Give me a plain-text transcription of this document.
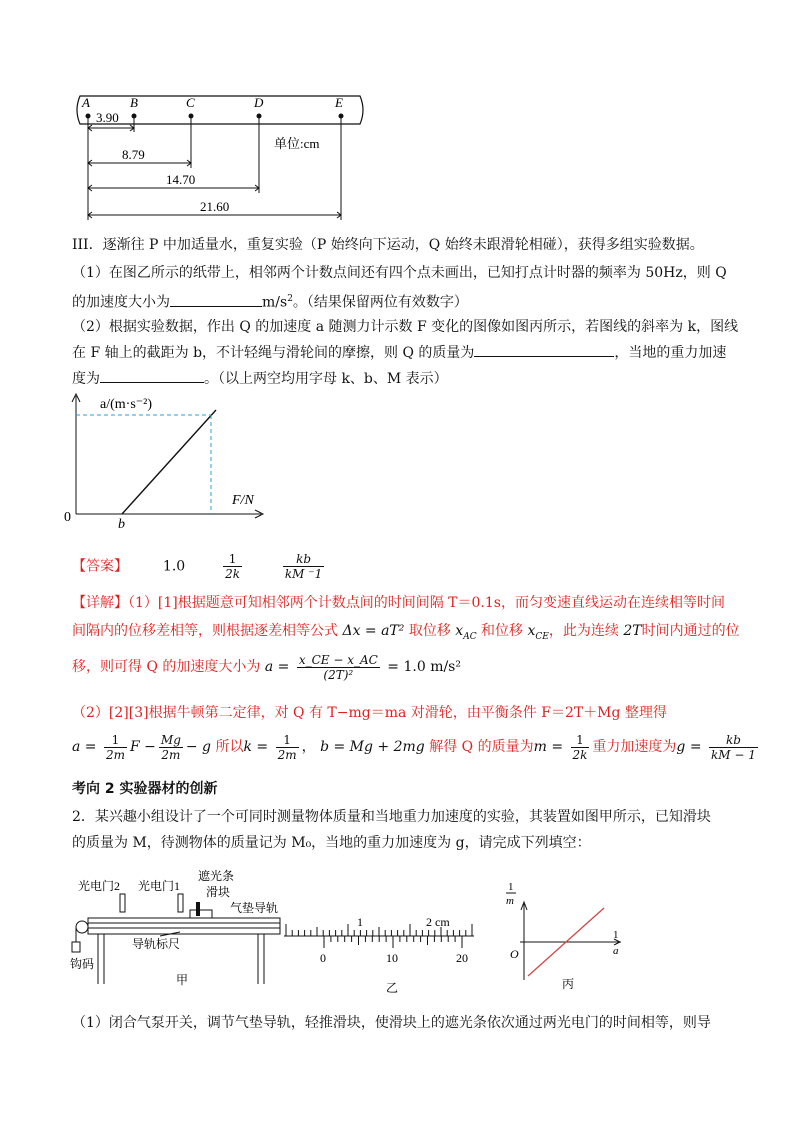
A	B	C	D	E
3.90
8.79
14.70
21.60
单位:cm
III．逐渐往 P 中加适量水，重复实验（P 始终向下运动，Q 始终未跟滑轮相碰），获得多组实验数据。
（1）在图乙所示的纸带上，相邻两个计数点间还有四个点未画出，已知打点计时器的频率为 50Hz，则 Q
的加速度大小为	$m/s^2$。（结果保留两位有效数字）
（2）根据实验数据，作出 Q 的加速度 a 随测力计示数 F 变化的图像如图丙所示，若图线的斜率为 k，图线
在 F 轴上的截距为 b，不计轻绳与滑轮间的摩擦，则 Q 的质量为	，当地的重力加速
度为	。（以上两空均用字母 k、b、M 表示）
a/(m·s⁻²)
F/N
0	b
【答案】 1.0	$\frac{1}{2k}$
	$\frac{kb}{kM ^-1}$
【详解】（1）[1]根据题意可知相邻两个计数点间的时间间隔 T＝0.1s，而匀变速直线运动在连续相等时间
间隔内的位移差相等，则根据逐差相等公式 Δx = aT² 取位移 $x_{AC}$ 和位移 $x_{CE}$，此为连续 2T时间内通过的位
移，则可得 Q 的加速度大小为 $a = \frac{x\_CE - x\_AC}{\text{(2T)²}} = 1.0$ m/s²
（2）[2][3]根据牛顿第二定律，对 Q 有 T−mg＝ma 对滑轮，由平衡条件 F＝2T＋Mg 整理得
$a = \frac{1}{2m}$ $F - \frac{Mg}{2m} - g$ 所以$k = \frac{1}{2m}$ ， b = Mg + 2mg 解得 Q 的质量为$m = \frac{1}{2k}$ 重力加速度为$g = \frac{kb}{kM - 1}$
考向 2 实验器材的创新
2．某兴趣小组设计了一个可同时测量物体质量和当地重力加速度的实验，其装置如图甲所示，已知滑块
的质量为 M，待测物体的质量记为 M₀，当地的重力加速度为 g，请完成下列填空：
光电门2 光电门1
遮光条
滑块
气垫导轨
钩码
导轨标尺
甲
1	2 cm
0	10	20
乙
1
m
1
a
O
丙
（1）闭合气泵开关，调节气垫导轨，轻推滑块，使滑块上的遮光条依次通过两光电门的时间相等，则导
